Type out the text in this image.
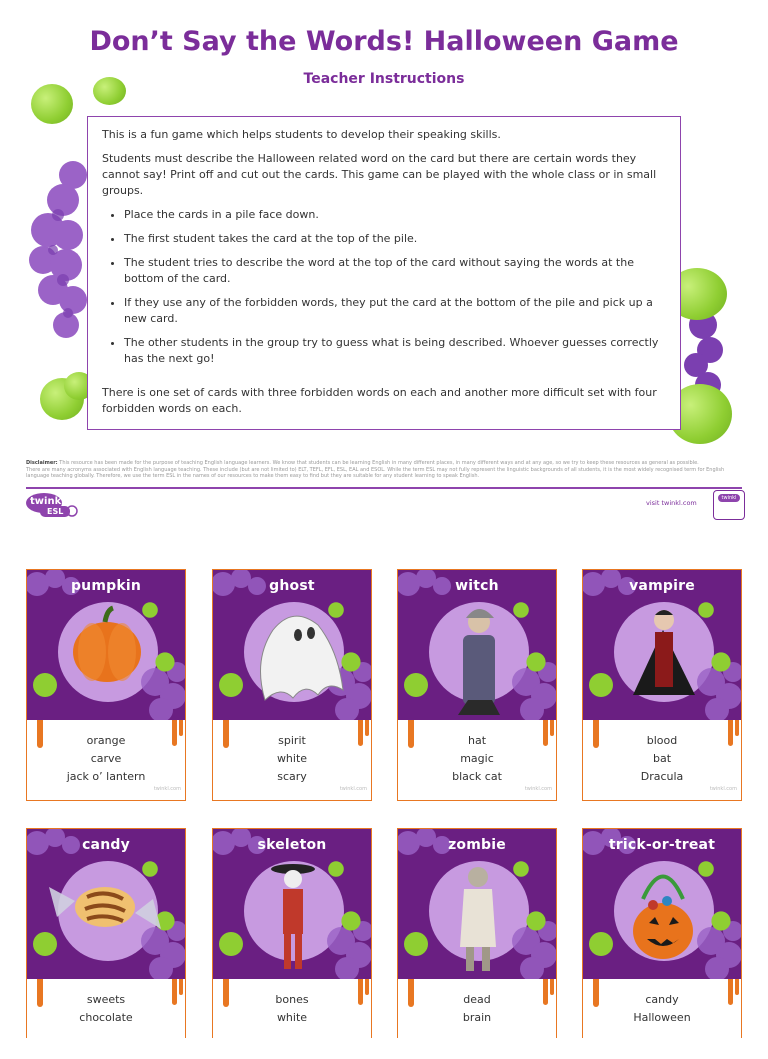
Don’t Say the Words! Halloween Game
Teacher Instructions

This is a fun game which helps students to develop their speaking skills.

Students must describe the Halloween related word on the card but there are certain words they cannot say! Print off and cut out the cards. This game can be played with the whole class or in small groups.

• Place the cards in a pile face down.
• The first student takes the card at the top of the pile.
• The student tries to describe the word at the top of the card without saying the words at the bottom of the card.
• If they use any of the forbidden words, they put the card at the bottom of the pile and pick up a new card.
• The other students in the group try to guess what is being described. Whoever guesses correctly has the next go!

There is one set of cards with three forbidden words on each and another more difficult set with four forbidden words on each.

Disclaimer: This resource has been made for the purpose of teaching English language learners. We know that students can be learning English in many different places, in many different ways and at any age, so we try to keep these resources as general as possible.
There are many acronyms associated with English language teaching. These include (but are not limited to) ELT, TEFL, EFL, ESL, EAL and ESOL. While the term ESL may not fully represent the linguistic backgrounds of all students, it is the most widely recognised term for English language teaching globally. Therefore, we use the term ESL in the names of our resources to make them easy to find but they are suitable for any student learning to speak English.
twinkl
ESL
visit twinkl.com
twinkl
pumpkin
orange
carve
jack o’ lantern
twinkl.com
ghost
spirit
white
scary
twinkl.com
witch
hat
magic
black cat
twinkl.com
vampire
blood
bat
Dracula
twinkl.com
candy
sweets
chocolate
skeleton
bones
white
zombie
dead
brain
trick-or-treat
candy
Halloween
